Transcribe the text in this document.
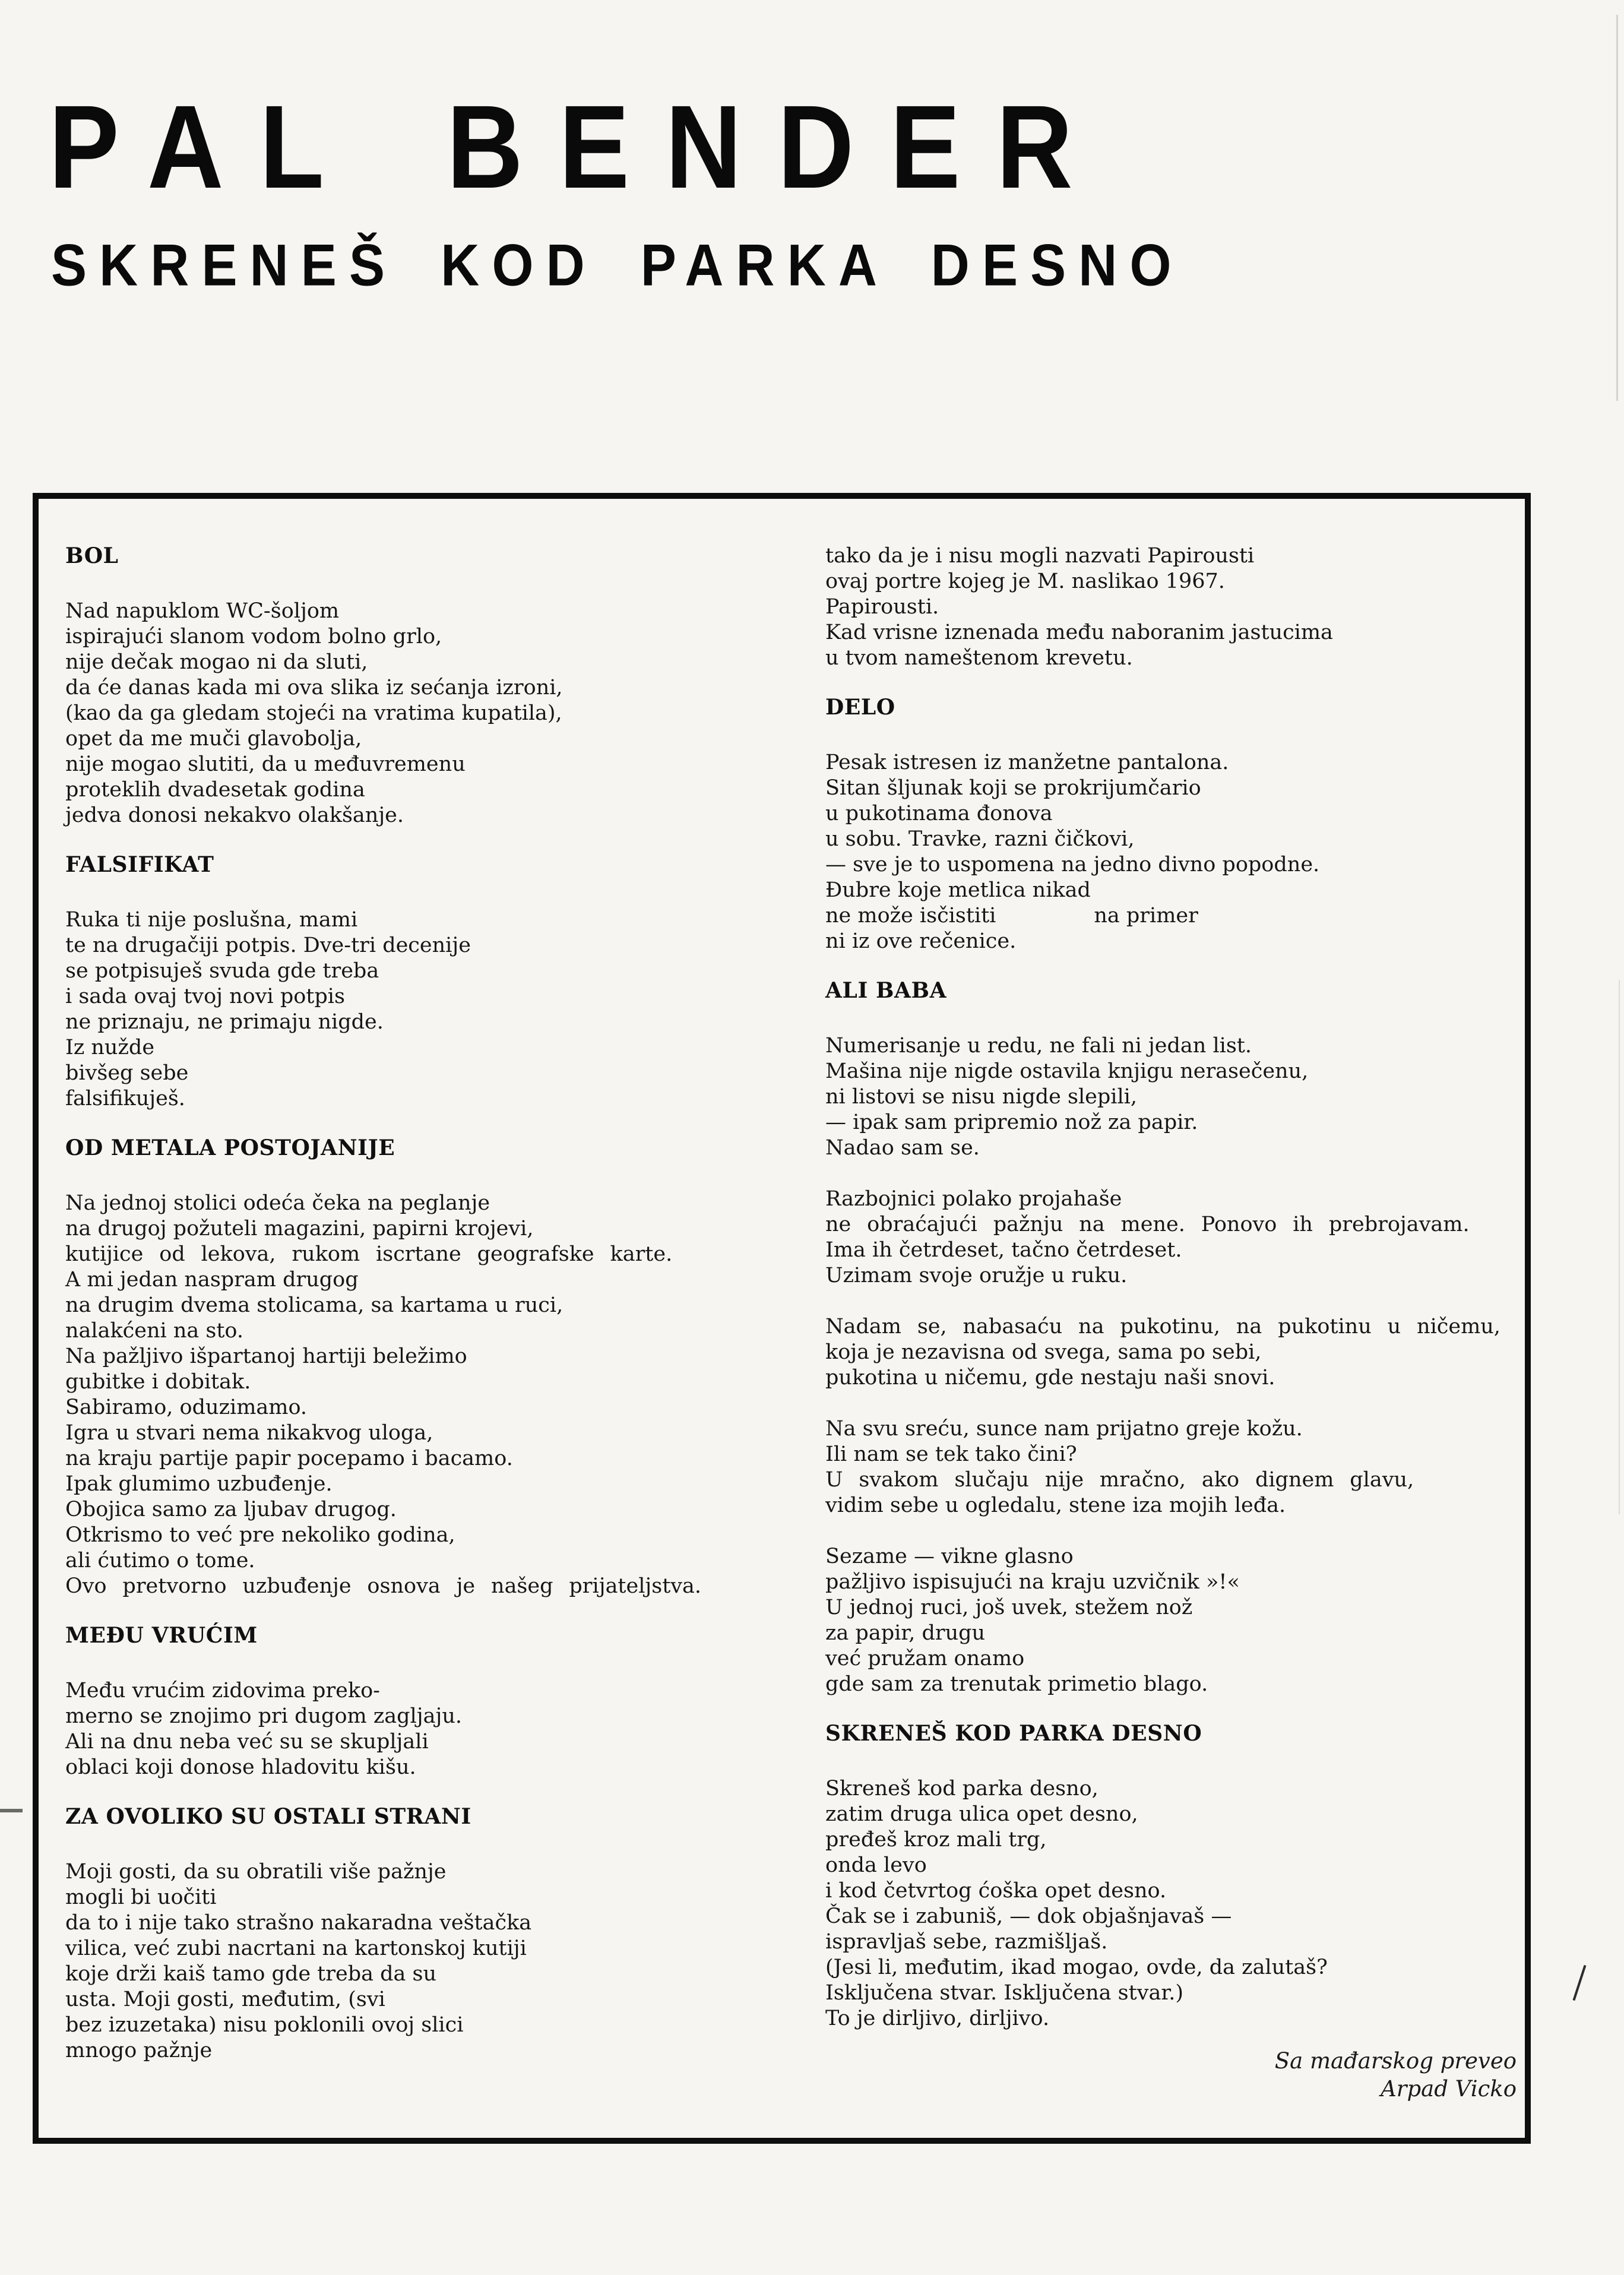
PAL BENDER
SKRENEŠ KOD PARKA DESNO
BOL
Nad napuklom WC-šoljom
ispirajući slanom vodom bolno grlo,
nije dečak mogao ni da sluti,
da će danas kada mi ova slika iz sećanja izroni,
(kao da ga gledam stojeći na vratima kupatila),
opet da me muči glavobolja,
nije mogao slutiti, da u međuvremenu
proteklih dvadesetak godina
jedva donosi nekakvo olakšanje.
FALSIFIKAT
Ruka ti nije poslušna, mami
te na drugačiji potpis. Dve-tri decenije
se potpisuješ svuda gde treba
i sada ovaj tvoj novi potpis
ne priznaju, ne primaju nigde.
Iz nužde
bivšeg sebe
falsifikuješ.
OD METALA POSTOJANIJE
Na jednoj stolici odeća čeka na peglanje
na drugoj požuteli magazini, papirni krojevi,
kutijice od lekova, rukom iscrtane geografske karte.
A mi jedan naspram drugog
na drugim dvema stolicama, sa kartama u ruci,
nalakćeni na sto.
Na pažljivo išpartanoj hartiji beležimo
gubitke i dobitak.
Sabiramo, oduzimamo.
Igra u stvari nema nikakvog uloga,
na kraju partije papir pocepamo i bacamo.
Ipak glumimo uzbuđenje.
Obojica samo za ljubav drugog.
Otkrismo to već pre nekoliko godina,
ali ćutimo o tome.
Ovo pretvorno uzbuđenje osnova je našeg prijateljstva.
MEĐU VRUĆIM
Među vrućim zidovima preko-
merno se znojimo pri dugom zagljaju.
Ali na dnu neba već su se skupljali
oblaci koji donose hladovitu kišu.
ZA OVOLIKO SU OSTALI STRANI
Moji gosti, da su obratili više pažnje
mogli bi uočiti
da to i nije tako strašno nakaradna veštačka
vilica, već zubi nacrtani na kartonskoj kutiji
koje drži kaiš tamo gde treba da su
usta. Moji gosti, međutim, (svi
bez izuzetaka) nisu poklonili ovoj slici
mnogo pažnje
tako da je i nisu mogli nazvati Papirousti
ovaj portre kojeg je M. naslikao 1967.
Papirousti.
Kad vrisne iznenada među naboranim jastucima
u tvom nameštenom krevetu.
DELO
Pesak istresen iz manžetne pantalona.
Sitan šljunak koji se prokrijumčario
u pukotinama đonova
u sobu. Travke, razni čičkovi,
— sve je to uspomena na jedno divno popodne.
Đubre koje metlica nikad
ne može isčistiti	na primer
ni iz ove rečenice.
ALI BABA
Numerisanje u redu, ne fali ni jedan list.
Mašina nije nigde ostavila knjigu nerasečenu,
ni listovi se nisu nigde slepili,
— ipak sam pripremio nož za papir.
Nadao sam se.
Razbojnici polako projahaše
ne obraćajući pažnju na mene. Ponovo ih prebrojavam.
Ima ih četrdeset, tačno četrdeset.
Uzimam svoje oružje u ruku.
Nadam se, nabasaću na pukotinu, na pukotinu u ničemu,
koja je nezavisna od svega, sama po sebi,
pukotina u ničemu, gde nestaju naši snovi.
Na svu sreću, sunce nam prijatno greje kožu.
Ili nam se tek tako čini?
U svakom slučaju nije mračno, ako dignem glavu,
vidim sebe u ogledalu, stene iza mojih leđa.
Sezame — vikne glasno
pažljivo ispisujući na kraju uzvičnik »!«
U jednoj ruci, još uvek, stežem nož
za papir, drugu
već pružam onamo
gde sam za trenutak primetio blago.
SKRENEŠ KOD PARKA DESNO
Skreneš kod parka desno,
zatim druga ulica opet desno,
pređeš kroz mali trg,
onda levo
i kod četvrtog ćoška opet desno.
Čak se i zabuniš, — dok objašnjavaš —
ispravljaš sebe, razmišljaš.
(Jesi li, međutim, ikad mogao, ovde, da zalutaš?
Isključena stvar. Isključena stvar.)
To je dirljivo, dirljivo.
Sa mađarskog preveo
Arpad Vicko
